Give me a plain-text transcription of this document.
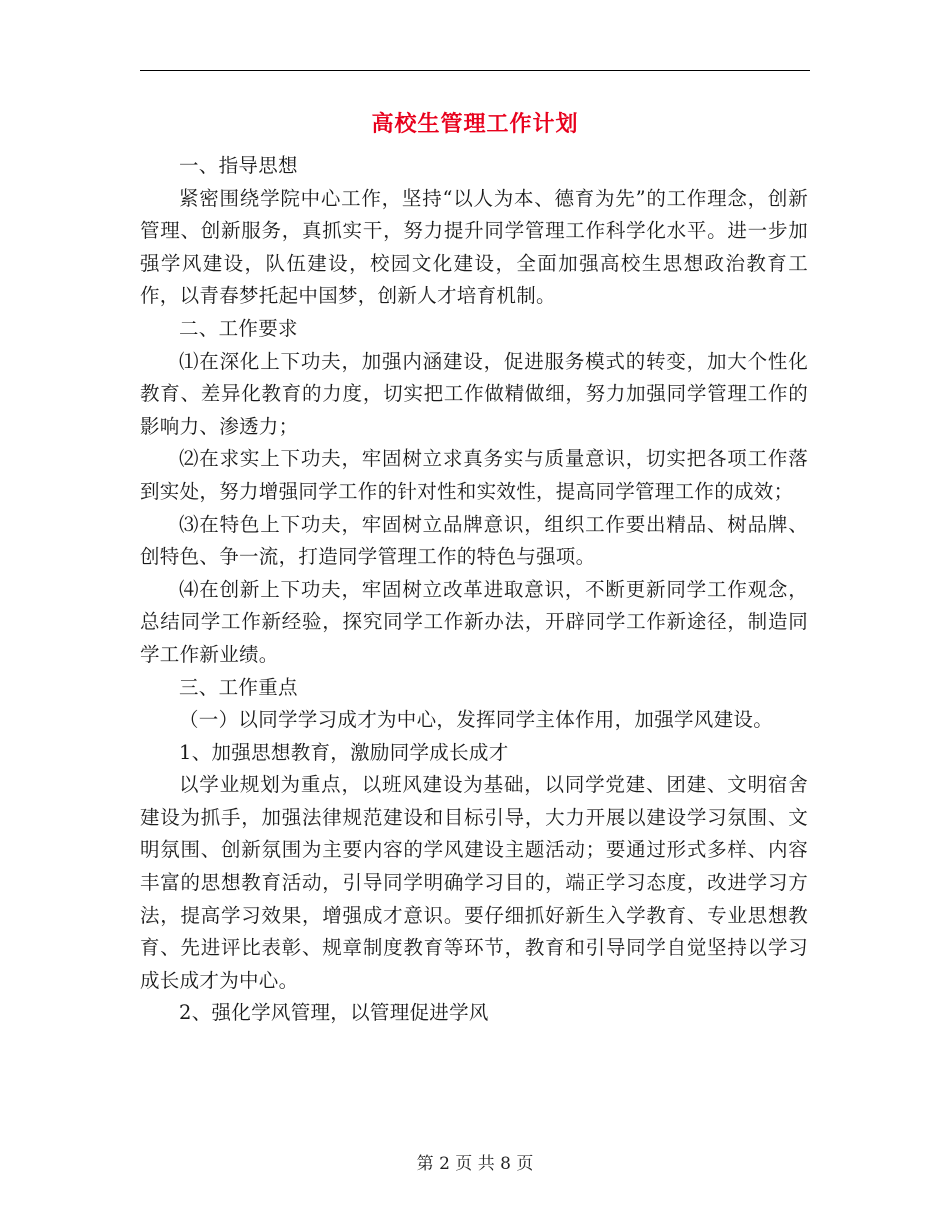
高校生管理工作计划

一、指导思想

紧密围绕学院中心工作，坚持“以人为本、德育为先”的工作理念，创新管理、创新服务，真抓实干，努力提升同学管理工作科学化水平。进一步加强学风建设，队伍建设，校园文化建设，全面加强高校生思想政治教育工作，以青春梦托起中国梦，创新人才培育机制。

二、工作要求

⑴在深化上下功夫，加强内涵建设，促进服务模式的转变，加大个性化教育、差异化教育的力度，切实把工作做精做细，努力加强同学管理工作的影响力、渗透力；

⑵在求实上下功夫，牢固树立求真务实与质量意识，切实把各项工作落到实处，努力增强同学工作的针对性和实效性，提高同学管理工作的成效；

⑶在特色上下功夫，牢固树立品牌意识，组织工作要出精品、树品牌、创特色、争一流，打造同学管理工作的特色与强项。

⑷在创新上下功夫，牢固树立改革进取意识，不断更新同学工作观念，总结同学工作新经验，探究同学工作新办法，开辟同学工作新途径，制造同学工作新业绩。

三、工作重点

（一）以同学学习成才为中心，发挥同学主体作用，加强学风建设。

1、加强思想教育，激励同学成长成才

以学业规划为重点，以班风建设为基础，以同学党建、团建、文明宿舍建设为抓手，加强法律规范建设和目标引导，大力开展以建设学习氛围、文明氛围、创新氛围为主要内容的学风建设主题活动；要通过形式多样、内容丰富的思想教育活动，引导同学明确学习目的，端正学习态度，改进学习方法，提高学习效果，增强成才意识。要仔细抓好新生入学教育、专业思想教育、先进评比表彰、规章制度教育等环节，教育和引导同学自觉坚持以学习成长成才为中心。

2、强化学风管理，以管理促进学风

第 2 页 共 8 页
